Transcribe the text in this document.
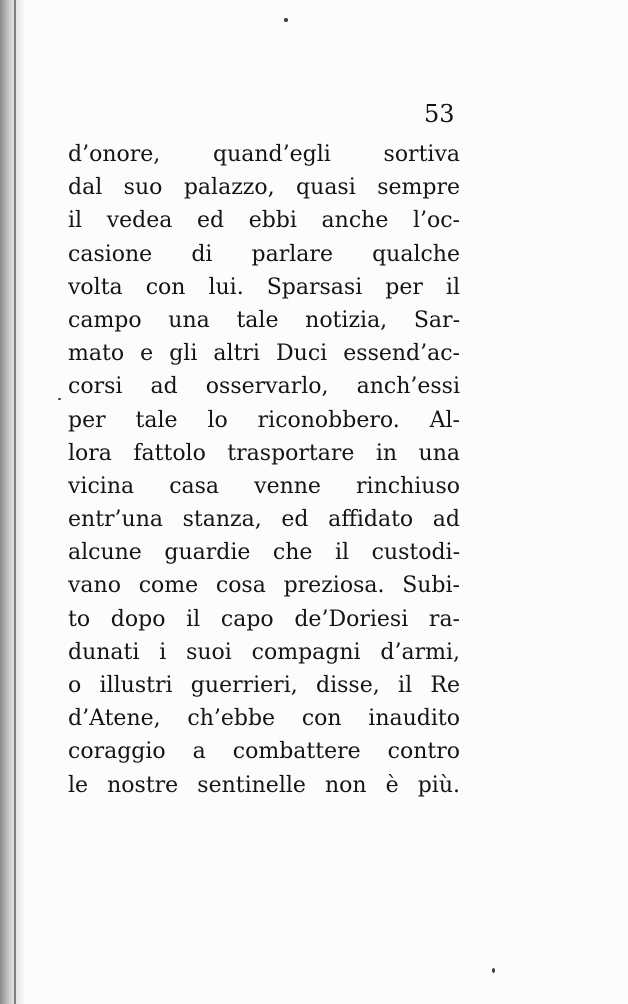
53
d’onore, quand’egli sortiva
dal suo palazzo, quasi sempre
il vedea ed ebbi anche l’oc-
casione di parlare qualche
volta con lui. Sparsasi per il
campo una tale notizia, Sar-
mato e gli altri Duci essend’ac-
corsi ad osservarlo, anch’essi
per tale lo riconobbero. Al-
lora fattolo trasportare in una
vicina casa venne rinchiuso
entr’una stanza, ed affidato ad
alcune guardie che il custodi-
vano come cosa preziosa. Subi-
to dopo il capo de’Doriesi ra-
dunati i suoi compagni d’armi,
o illustri guerrieri, disse, il Re
d’Atene, ch’ebbe con inaudito
coraggio a combattere contro
le nostre sentinelle non è più.
